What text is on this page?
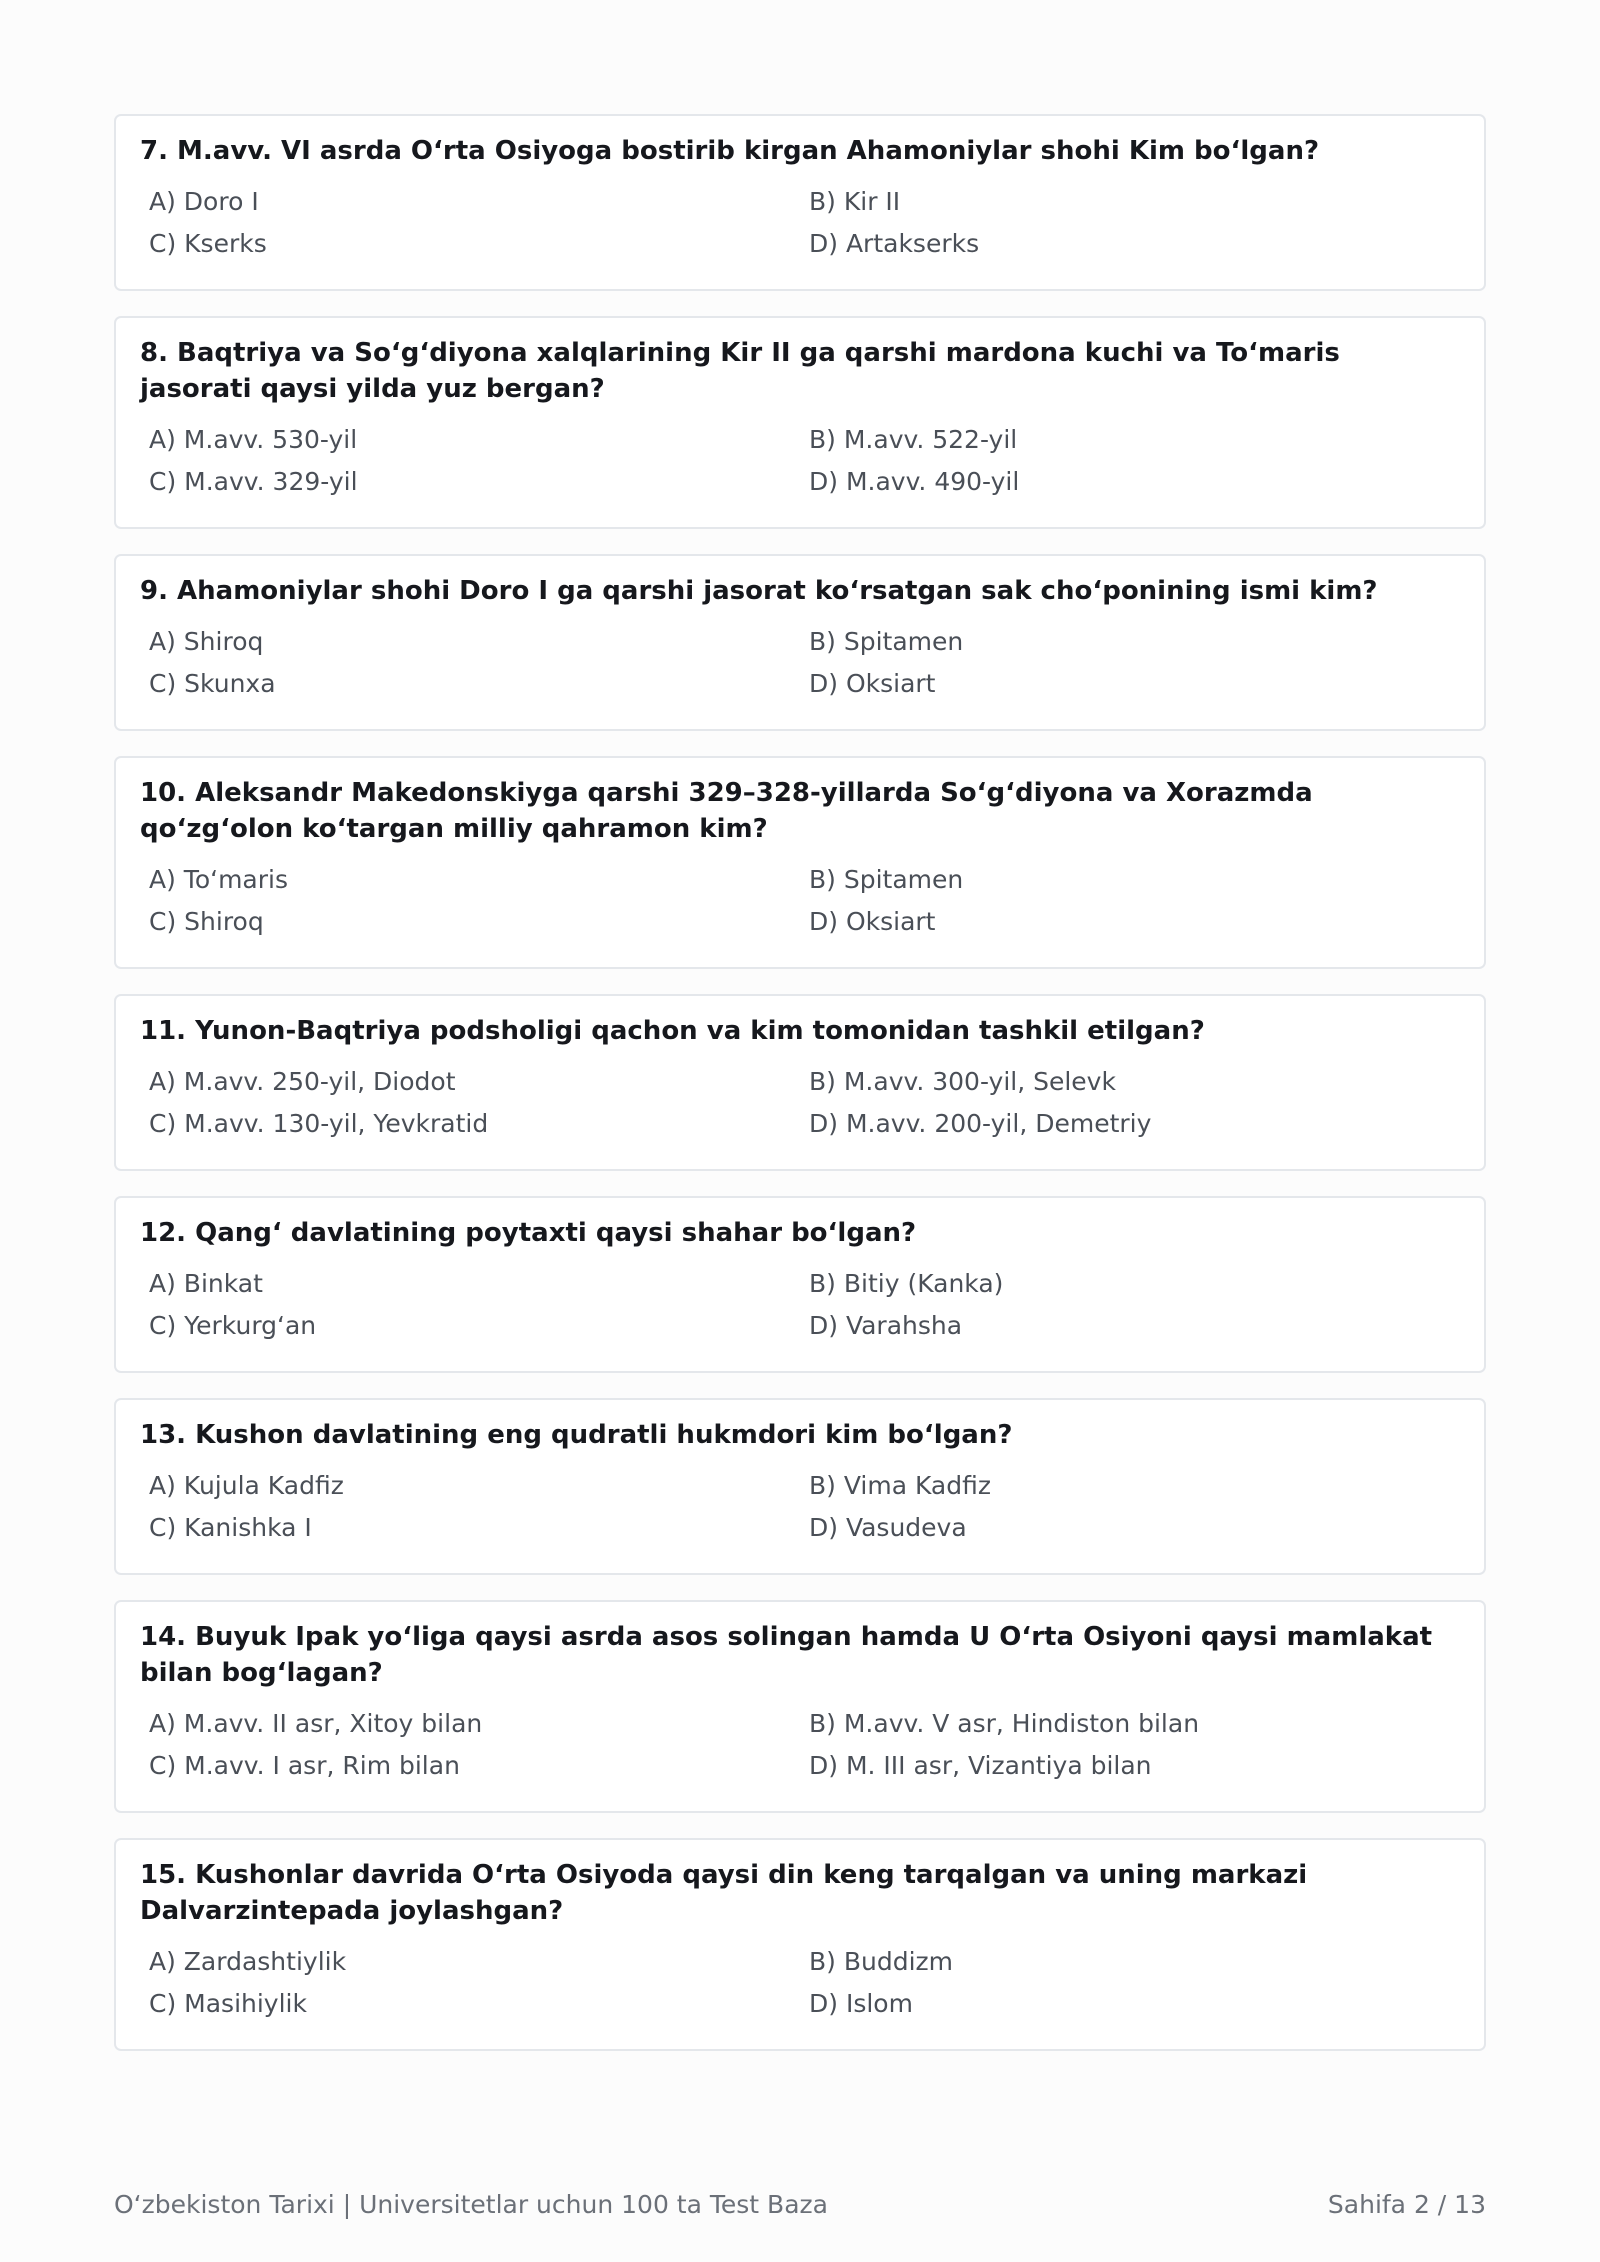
7. M.avv. VI asrda O‘rta Osiyoga bostirib kirgan Ahamoniylar shohi Kim bo‘lgan?

A) Doro I	B) Kir II
C) Kserks	D) Artakserks

8. Baqtriya va So‘g‘diyona xalqlarining Kir II ga qarshi mardona kuchi va To‘maris jasorati qaysi yilda yuz bergan?

A) M.avv. 530-yil	B) M.avv. 522-yil
C) M.avv. 329-yil	D) M.avv. 490-yil

9. Ahamoniylar shohi Doro I ga qarshi jasorat ko‘rsatgan sak cho‘ponining ismi kim?

A) Shiroq	B) Spitamen
C) Skunxa	D) Oksiart

10. Aleksandr Makedonskiyga qarshi 329–328-yillarda So‘g‘diyona va Xorazmda qo‘zg‘olon ko‘targan milliy qahramon kim?

A) To‘maris	B) Spitamen
C) Shiroq	D) Oksiart

11. Yunon-Baqtriya podsholigi qachon va kim tomonidan tashkil etilgan?

A) M.avv. 250-yil, Diodot	B) M.avv. 300-yil, Selevk
C) M.avv. 130-yil, Yevkratid	D) M.avv. 200-yil, Demetriy

12. Qang‘ davlatining poytaxti qaysi shahar bo‘lgan?

A) Binkat	B) Bitiy (Kanka)
C) Yerkurg‘an	D) Varahsha

13. Kushon davlatining eng qudratli hukmdori kim bo‘lgan?

A) Kujula Kadfiz	B) Vima Kadfiz
C) Kanishka I	D) Vasudeva

14. Buyuk Ipak yo‘liga qaysi asrda asos solingan hamda U O‘rta Osiyoni qaysi mamlakat bilan bog‘lagan?

A) M.avv. II asr, Xitoy bilan	B) M.avv. V asr, Hindiston bilan
C) M.avv. I asr, Rim bilan	D) M. III asr, Vizantiya bilan

15. Kushonlar davrida O‘rta Osiyoda qaysi din keng tarqalgan va uning markazi Dalvarzintepada joylashgan?

A) Zardashtiylik	B) Buddizm
C) Masihiylik	D) Islom
O‘zbekiston Tarixi | Universitetlar uchun 100 ta Test Baza	Sahifa 2 / 13
